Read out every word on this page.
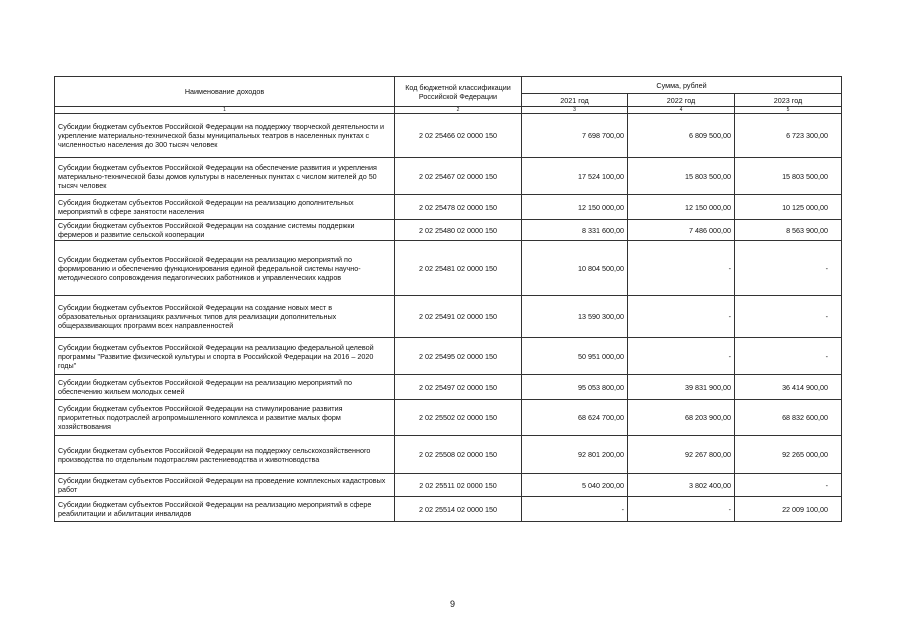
Наименование доходов	Код бюджетной классификации Российской Федерации	Сумма, рублей		
		2021 год	2022 год	2023 год
1	2	3	4	5
Субсидии бюджетам субъектов Российской Федерации на поддержку творческой деятельности и укрепление материально-технической базы муниципальных театров в населенных пунктах с численностью населения до 300 тысяч человек	2 02 25466 02 0000 150	7 698 700,00	6 809 500,00	6 723 300,00
Субсидии бюджетам субъектов Российской Федерации на обеспечение развития и укрепления материально-технической базы домов культуры в населенных пунктах с числом жителей до 50 тысяч человек	2 02 25467 02 0000 150	17 524 100,00	15 803 500,00	15 803 500,00
Субсидия бюджетам субъектов Российской Федерации на реализацию дополнительных мероприятий в сфере занятости населения	2 02 25478 02 0000 150	12 150 000,00	12 150 000,00	10 125 000,00
Субсидии бюджетам субъектов Российской Федерации на создание системы поддержки фермеров и развитие сельской кооперации	2 02 25480 02 0000 150	8 331 600,00	7 486 000,00	8 563 900,00
Субсидии бюджетам субъектов Российской Федерации на реализацию мероприятий по формированию и обеспечению функционирования единой федеральной системы научно-методического сопровождения педагогических работников и управленческих кадров	2 02 25481 02 0000 150	10 804 500,00	-	-
Субсидии бюджетам субъектов Российской Федерации на создание новых мест в образовательных организациях различных типов для реализации дополнительных общеразвивающих программ всех направленностей	2 02 25491 02 0000 150	13 590 300,00	-	-
Субсидии бюджетам субъектов Российской Федерации на реализацию федеральной целевой программы "Развитие физической культуры и спорта в Российской Федерации на 2016 – 2020 годы"	2 02 25495 02 0000 150	50 951 000,00	-	-
Субсидии бюджетам субъектов Российской Федерации на реализацию мероприятий по обеспечению жильем молодых семей	2 02 25497 02 0000 150	95 053 800,00	39 831 900,00	36 414 900,00
Субсидии бюджетам субъектов Российской Федерации на стимулирование развития приоритетных подотраслей агропромышленного комплекса и развитие малых форм хозяйствования	2 02 25502 02 0000 150	68 624 700,00	68 203 900,00	68 832 600,00
Субсидии бюджетам субъектов Российской Федерации на поддержку сельскохозяйственного производства по отдельным подотраслям растениеводства и животноводства	2 02 25508 02 0000 150	92 801 200,00	92 267 800,00	92 265 000,00
Субсидии бюджетам субъектов Российской Федерации на проведение комплексных кадастровых работ	2 02 25511 02 0000 150	5 040 200,00	3 802 400,00	-
Субсидии бюджетам субъектов Российской Федерации на реализацию мероприятий в сфере реабилитации и абилитации инвалидов	2 02 25514 02 0000 150	-	-	22 009 100,00
9
